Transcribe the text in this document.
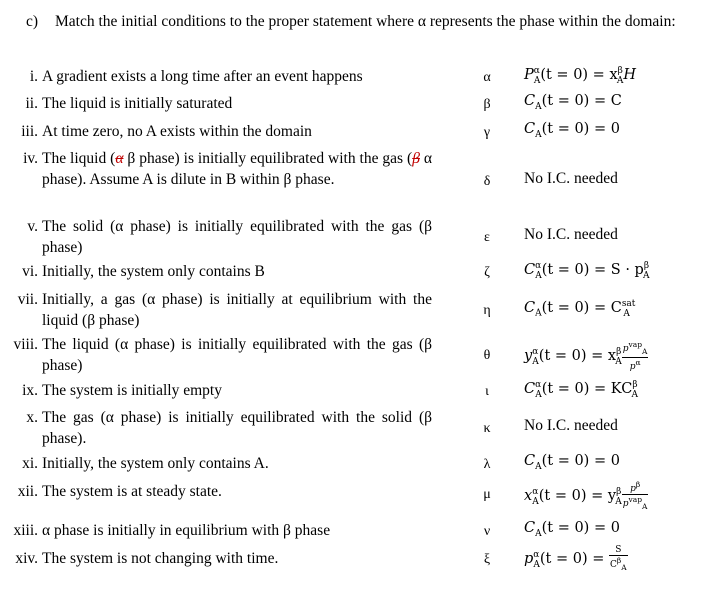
c) Match the initial conditions to the proper statement where α represents the phase within the domain:
i. A gradient exists a long time after an event happens
ii. The liquid is initially saturated
iii. At time zero, no A exists within the domain
iv. The liquid (α β phase) is initially equilibrated with the gas (β α phase). Assume A is dilute in B within β phase.
v. The solid (α phase) is initially equilibrated with the gas (β phase)
vi. Initially, the system only contains B
vii. Initially, a gas (α phase) is initially at equilibrium with the liquid (β phase)
viii. The liquid (α phase) is initially equilibrated with the gas (β phase)
ix. The system is initially empty
x. The gas (α phase) is initially equilibrated with the solid (β phase).
xi. Initially, the system only contains A.
xii. The system is at steady state.
xiii. α phase is initially in equilibrium with β phase
xiv. The system is not changing with time.
α
β
γ
δ
ε
ζ
η
θ
ι
κ
λ
μ
ν
ξ
$P^\alpha_A(t = 0) = x^\beta_AH$
$C_A(t = 0) = C$
$C_A(t = 0) = 0$
No I.C. needed
No I.C. needed
$C^\alpha_A(t = 0) = S \cdot p^\beta_A$
$C_A(t = 0) = C^{sat}_A$
$y^\alpha_A(t = 0) = x^\beta_A \frac{p^{vap}_A}{p^\alpha}$
$C^\alpha_A(t = 0) = KC^\beta_A$
No I.C. needed
$C_A(t = 0) = 0$
$x^\alpha_A(t = 0) = y^\beta_A \frac{p^\beta}{p^{vap}_A}$
$C_A(t = 0) = 0$
$p^\alpha_A(t = 0) = \frac{S}{C^\beta_A}$
